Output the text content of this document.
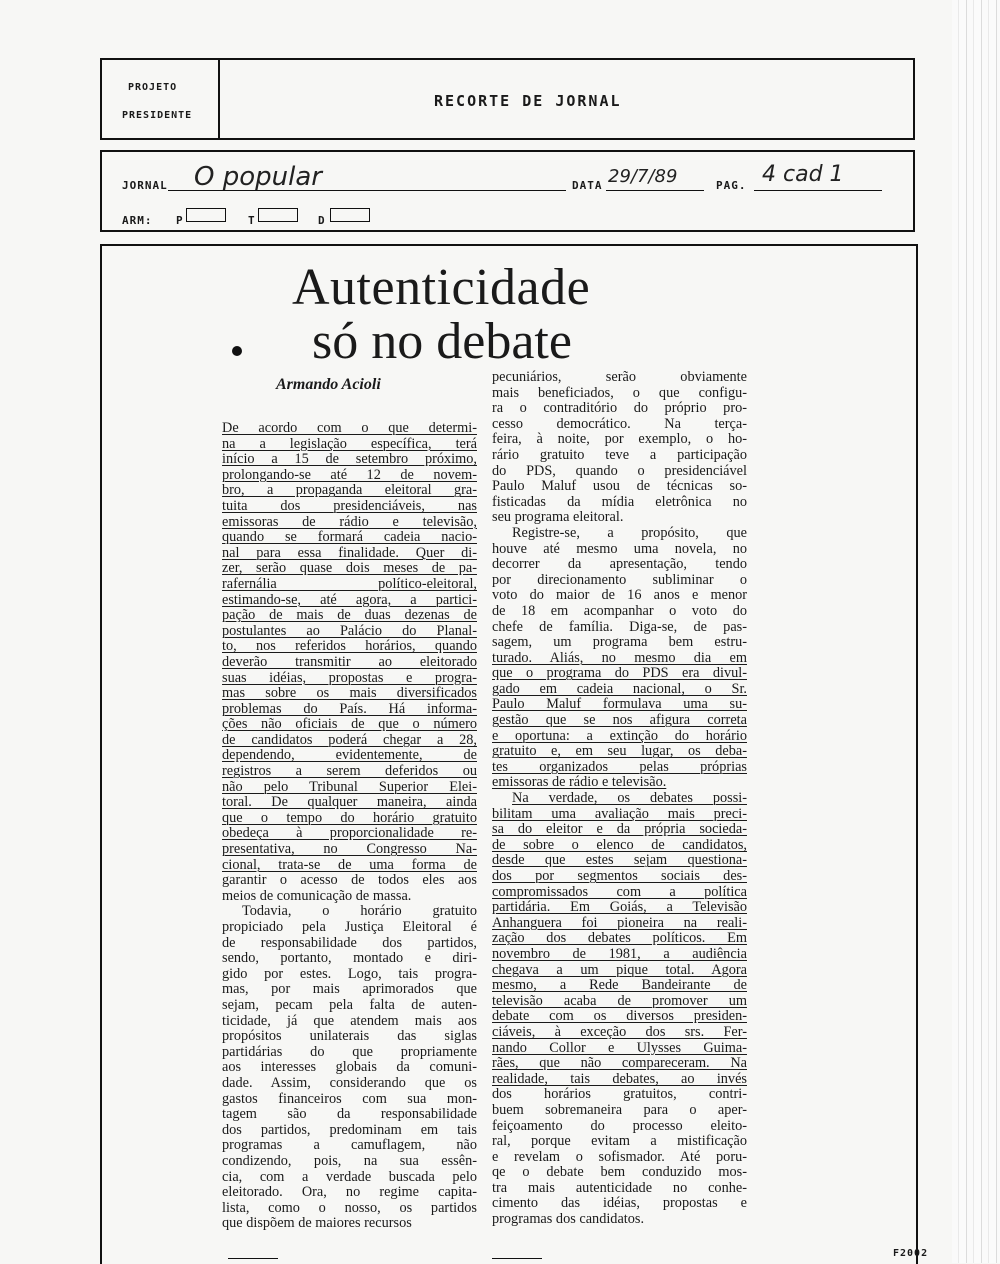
PROJETO
PRESIDENTE
RECORTE DE JORNAL
JORNAL O popular	DATA 29/7/89	PAG. 4 cad 1
ARM: P	T	D
Autenticidade
só no debate
Armando Acioli
De acordo com o que determi-
na a legislação específica, terá
início a 15 de setembro próximo,
prolongando-se até 12 de novem-
bro, a propaganda eleitoral gra-
tuita dos presidenciáveis, nas
emissoras de rádio e televisão,
quando se formará cadeia nacio-
nal para essa finalidade. Quer di-
zer, serão quase dois meses de pa-
rafernália político-eleitoral,
estimando-se, até agora, a partici-
pação de mais de duas dezenas de
postulantes ao Palácio do Planal-
to, nos referidos horários, quando
deverão transmitir ao eleitorado
suas idéias, propostas e progra-
mas sobre os mais diversificados
problemas do País. Há informa-
ções não oficiais de que o número
de candidatos poderá chegar a 28,
dependendo, evidentemente, de
registros a serem deferidos ou
não pelo Tribunal Superior Elei-
toral. De qualquer maneira, ainda
que o tempo do horário gratuito
obedeça à proporcionalidade re-
presentativa, no Congresso Na-
cional, trata-se de uma forma de
garantir o acesso de todos eles aos
meios de comunicação de massa.
Todavia, o horário gratuito
propiciado pela Justiça Eleitoral é
de responsabilidade dos partidos,
sendo, portanto, montado e diri-
gido por estes. Logo, tais progra-
mas, por mais aprimorados que
sejam, pecam pela falta de auten-
ticidade, já que atendem mais aos
propósitos unilaterais das siglas
partidárias do que propriamente
aos interesses globais da comuni-
dade. Assim, considerando que os
gastos financeiros com sua mon-
tagem são da responsabilidade
dos partidos, predominam em tais
programas a camuflagem, não
condizendo, pois, na sua essên-
cia, com a verdade buscada pelo
eleitorado. Ora, no regime capita-
lista, como o nosso, os partidos
que dispõem de maiores recursos
pecuniários, serão obviamente
mais beneficiados, o que configu-
ra o contraditório do próprio pro-
cesso democrático. Na terça-
feira, à noite, por exemplo, o ho-
rário gratuito teve a participação
do PDS, quando o presidenciável
Paulo Maluf usou de técnicas so-
fisticadas da mídia eletrônica no
seu programa eleitoral.
Registre-se, a propósito, que
houve até mesmo uma novela, no
decorrer da apresentação, tendo
por direcionamento subliminar o
voto do maior de 16 anos e menor
de 18 em acompanhar o voto do
chefe de família. Diga-se, de pas-
sagem, um programa bem estru-
turado. Aliás, no mesmo dia em
que o programa do PDS era divul-
gado em cadeia nacional, o Sr.
Paulo Maluf formulava uma su-
gestão que se nos afigura correta
e oportuna: a extinção do horário
gratuito e, em seu lugar, os deba-
tes organizados pelas próprias
emissoras de rádio e televisão.
Na verdade, os debates possi-
bilitam uma avaliação mais preci-
sa do eleitor e da própria socieda-
de sobre o elenco de candidatos,
desde que estes sejam questiona-
dos por segmentos sociais des-
compromissados com a política
partidária. Em Goiás, a Televisão
Anhanguera foi pioneira na reali-
zação dos debates políticos. Em
novembro de 1981, a audiência
chegava a um pique total. Agora
mesmo, a Rede Bandeirante de
televisão acaba de promover um
debate com os diversos presiden-
ciáveis, à exceção dos srs. Fer-
nando Collor e Ulysses Guima-
rães, que não compareceram. Na
realidade, tais debates, ao invés
dos horários gratuitos, contri-
buem sobremaneira para o aper-
feiçoamento do processo eleito-
ral, porque evitam a mistificação
e revelam o sofismador. Até poru-
qe o debate bem conduzido mos-
tra mais autenticidade no conhe-
cimento das idéias, propostas e
programas dos candidatos.
F2002
